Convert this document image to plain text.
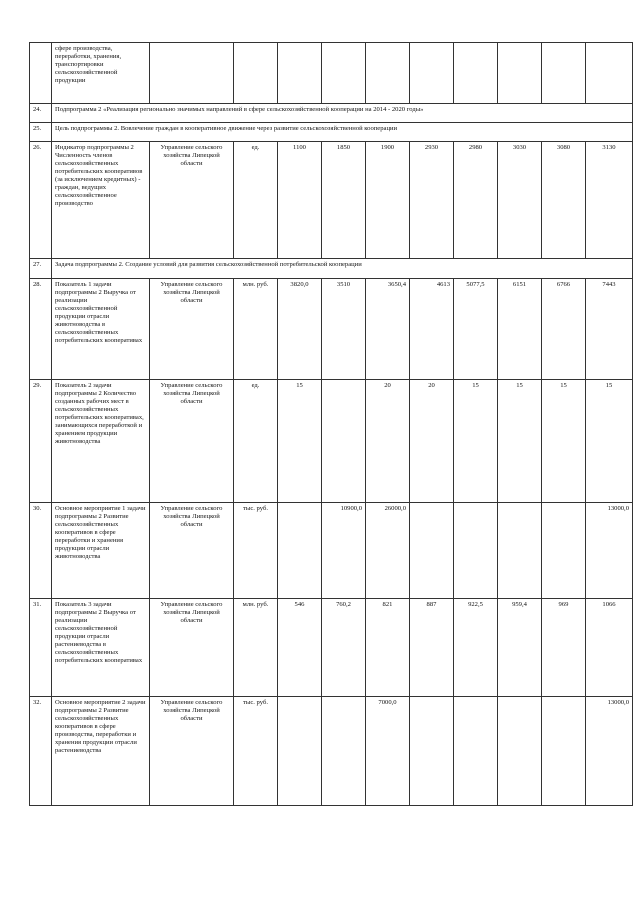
	сфере производства, переработки, хранения, транспортировки сельскохозяйственной продукции										
24.	Подпрограмма 2 «Реализация регионально значимых направлений в сфере сельскохозяйственной кооперации на 2014 - 2020 годы»										
25.	Цель подпрограммы 2. Вовлечение граждан в кооперативное движение через развитие сельскохозяйственной кооперации										
26.	Индикатор подпрограммы 2 Численность членов сельскохозяйственных потребительских кооперативов (за исключением кредитных) - граждан, ведущих сельскохозяйственное производство	Управление сельского хозяйства Липецкой области	ед.	1100	1850	1900	2930	2980	3030	3080	3130
27.	Задача подпрограммы 2. Создание условий для развития сельскохозяйственной потребительской кооперации										
28.	Показатель 1 задачи подпрограммы 2 Выручка от реализации сельскохозяйственной продукции отрасли животноводства в сельскохозяйственных потребительских кооперативах	Управление сельского хозяйства Липецкой области	млн. руб.	3820,0	3510	3650,4	4613	5077,5	6151	6766	7443
29.	Показатель 2 задачи подпрограммы 2 Количество созданных рабочих мест в сельскохозяйственных потребительских кооперативах, занимающихся переработкой и хранением продукции животноводства	Управление сельского хозяйства Липецкой области	ед.	15		20	20	15	15	15	15
30.	Основное мероприятие 1 задачи подпрограммы 2 Развитие сельскохозяйственных кооперативов в сфере переработки и хранения продукции отрасли животноводства	Управление сельского хозяйства Липецкой области	тыс. руб.		10900,0	26000,0					13000,0
31.	Показатель 3 задачи подпрограммы 2 Выручка от реализации сельскохозяйственной продукции отрасли растениеводства в сельскохозяйственных потребительских кооперативах	Управление сельского хозяйства Липецкой области	млн. руб.	546	760,2	821	887	922,5	959,4	969	1066
32.	Основное мероприятие 2 задачи подпрограммы 2 Развитие сельскохозяйственных кооперативов в сфере производства, переработки и хранения продукции отрасли растениеводства	Управление сельского хозяйства Липецкой области	тыс. руб.			7000,0					13000,0
